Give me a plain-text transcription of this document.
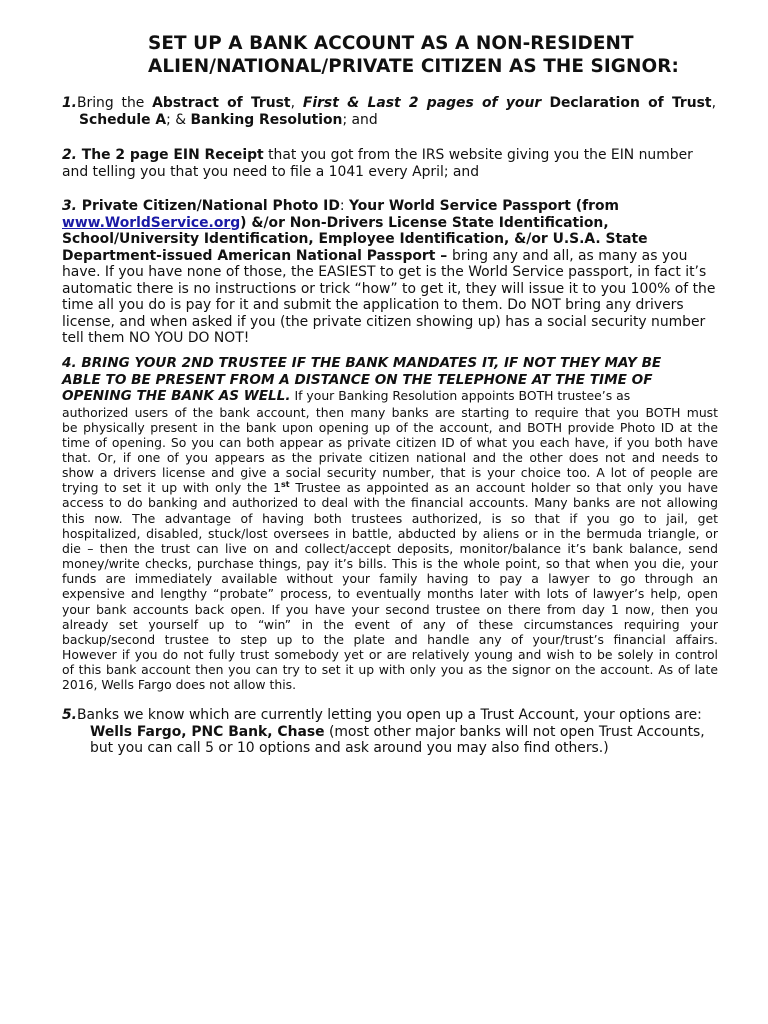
SET UP A BANK ACCOUNT AS A NON-RESIDENT
ALIEN/NATIONAL/PRIVATE CITIZEN AS THE SIGNOR:
1.Bring the Abstract of Trust, First & Last 2 pages of your Declaration of Trust,
Schedule A; & Banking Resolution; and
2. The 2 page EIN Receipt that you got from the IRS website giving you the EIN number
and telling you that you need to file a 1041 every April; and
3. Private Citizen/National Photo ID: Your World Service Passport (from
www.WorldService.org) &/or Non-Drivers License State Identification,
School/University Identification, Employee Identification, &/or U.S.A. State
Department-issued American National Passport – bring any and all, as many as you
have. If you have none of those, the EASIEST to get is the World Service passport, in fact it’s
automatic there is no instructions or trick “how” to get it, they will issue it to you 100% of the
time all you do is pay for it and submit the application to them. Do NOT bring any drivers
license, and when asked if you (the private citizen showing up) has a social security number
tell them NO YOU DO NOT!
4. BRING YOUR 2ND TRUSTEE IF THE BANK MANDATES IT, IF NOT THEY MAY BE
ABLE TO BE PRESENT FROM A DISTANCE ON THE TELEPHONE AT THE TIME OF
OPENING THE BANK AS WELL. If your Banking Resolution appoints BOTH trustee’s as
authorized users of the bank account, then many banks are starting to require that you BOTH must
be physically present in the bank upon opening up of the account, and BOTH provide Photo ID at the
time of opening. So you can both appear as private citizen ID of what you each have, if you both have
that. Or, if one of you appears as the private citizen national and the other does not and needs to
show a drivers license and give a social security number, that is your choice too. A lot of people are
trying to set it up with only the 1st Trustee as appointed as an account holder so that only you have
access to do banking and authorized to deal with the financial accounts. Many banks are not allowing
this now. The advantage of having both trustees authorized, is so that if you go to jail, get
hospitalized, disabled, stuck/lost oversees in battle, abducted by aliens or in the bermuda triangle, or
die – then the trust can live on and collect/accept deposits, monitor/balance it’s bank balance, send
money/write checks, purchase things, pay it’s bills. This is the whole point, so that when you die, your
funds are immediately available without your family having to pay a lawyer to go through an
expensive and lengthy “probate” process, to eventually months later with lots of lawyer’s help, open
your bank accounts back open. If you have your second trustee on there from day 1 now, then you
already set yourself up to “win” in the event of any of these circumstances requiring your
backup/second trustee to step up to the plate and handle any of your/trust’s financial affairs.
However if you do not fully trust somebody yet or are relatively young and wish to be solely in control
of this bank account then you can try to set it up with only you as the signor on the account. As of late
2016, Wells Fargo does not allow this.
5.Banks we know which are currently letting you open up a Trust Account, your options are:
Wells Fargo, PNC Bank, Chase (most other major banks will not open Trust Accounts,
but you can call 5 or 10 options and ask around you may also find others.)
